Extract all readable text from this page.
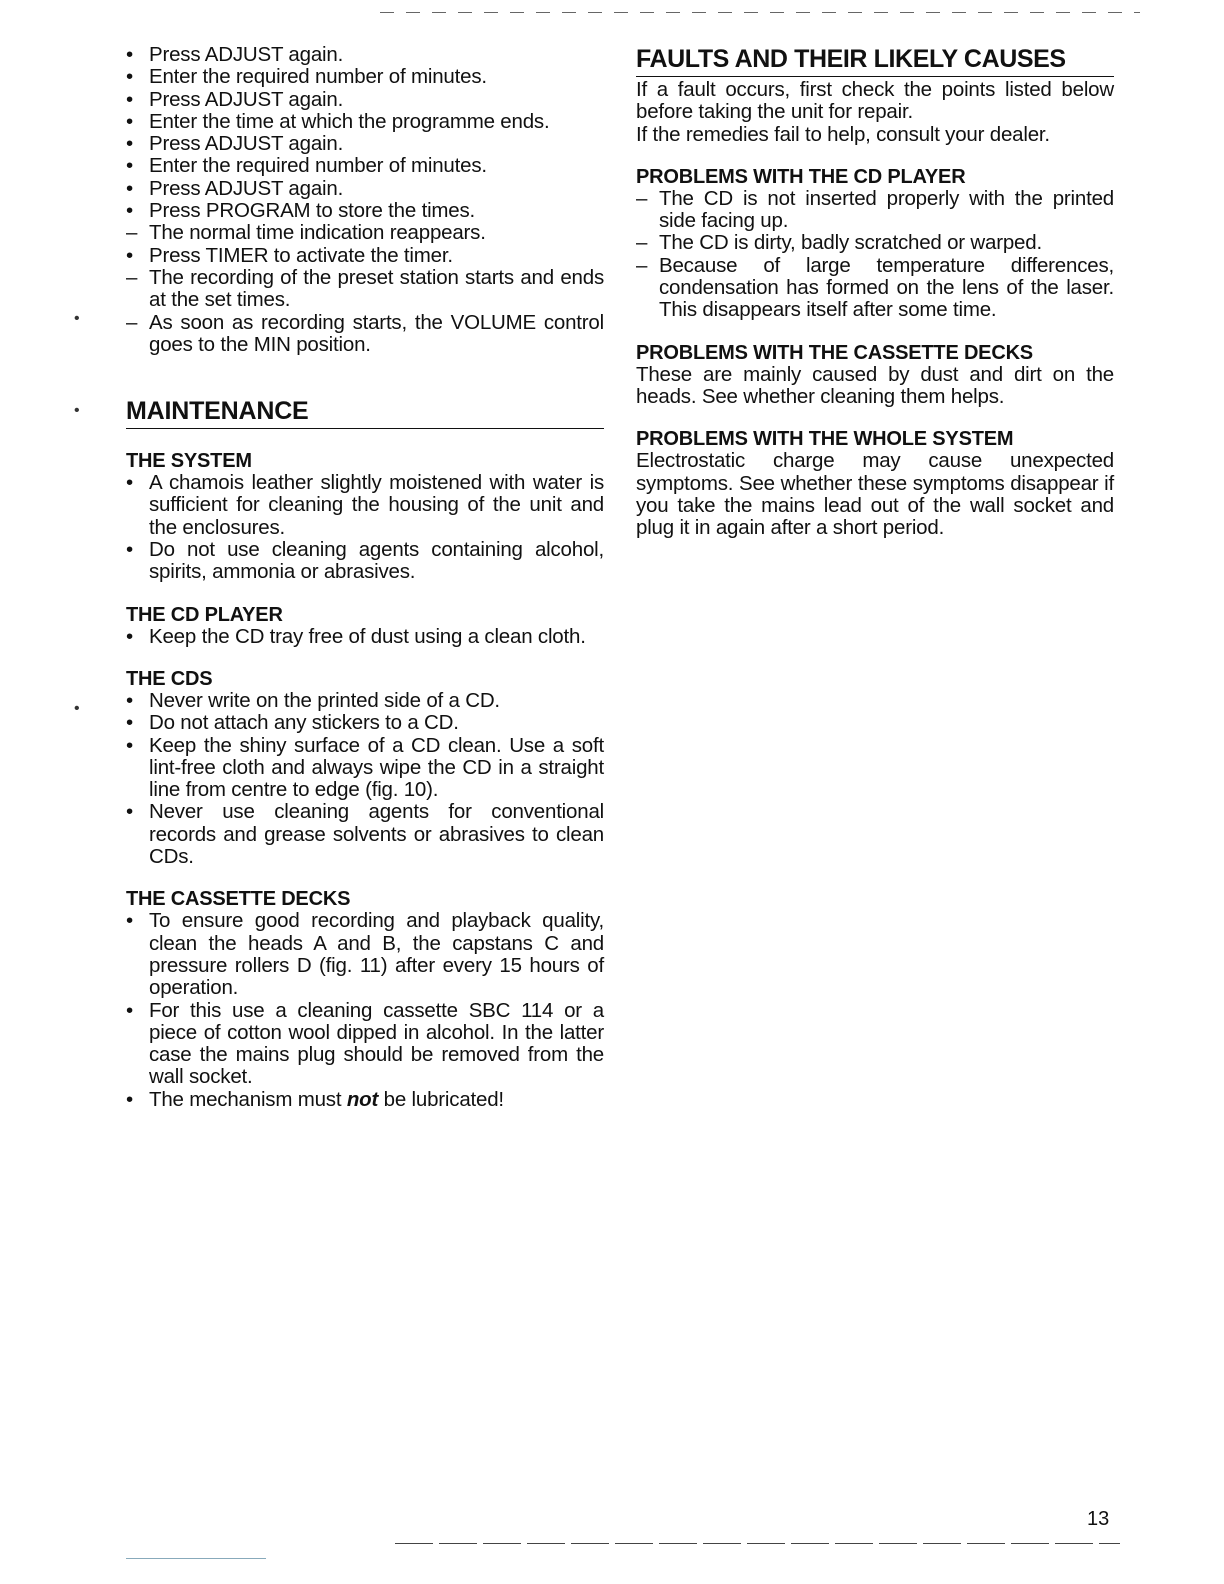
•
•
•
• Press ADJUST again.
• Enter the required number of minutes.
• Press ADJUST again.
• Enter the time at which the programme ends.
• Press ADJUST again.
• Enter the required number of minutes.
• Press ADJUST again.
• Press PROGRAM to store the times.
– The normal time indication reappears.
• Press TIMER to activate the timer.
– The recording of the preset station starts and ends at the set times.
– As soon as recording starts, the VOLUME control goes to the MIN position.
MAINTENANCE
THE SYSTEM
• A chamois leather slightly moistened with water is sufficient for cleaning the housing of the unit and the enclosures.
• Do not use cleaning agents containing alcohol, spirits, ammonia or abrasives.
THE CD PLAYER
• Keep the CD tray free of dust using a clean cloth.
THE CDS
• Never write on the printed side of a CD.
• Do not attach any stickers to a CD.
• Keep the shiny surface of a CD clean. Use a soft lint-free cloth and always wipe the CD in a straight line from centre to edge (fig. 10).
• Never use cleaning agents for conventional records and grease solvents or abrasives to clean CDs.
THE CASSETTE DECKS
• To ensure good recording and playback quality, clean the heads A and B, the capstans C and pressure rollers D (fig. 11) after every 15 hours of operation.
• For this use a cleaning cassette SBC 114 or a piece of cotton wool dipped in alcohol. In the latter case the mains plug should be removed from the wall socket.
• The mechanism must not be lubricated!
FAULTS AND THEIR LIKELY CAUSES

If a fault occurs, first check the points listed below before taking the unit for repair.

If the remedies fail to help, consult your dealer.

PROBLEMS WITH THE CD PLAYER
– The CD is not inserted properly with the printed side facing up.
– The CD is dirty, badly scratched or warped.
– Because of large temperature differences, condensation has formed on the lens of the laser. This disappears itself after some time.
PROBLEMS WITH THE CASSETTE DECKS

These are mainly caused by dust and dirt on the heads. See whether cleaning them helps.

PROBLEMS WITH THE WHOLE SYSTEM

Electrostatic charge may cause unexpected symptoms. See whether these symptoms disappear if you take the mains lead out of the wall socket and plug it in again after a short period.

13
